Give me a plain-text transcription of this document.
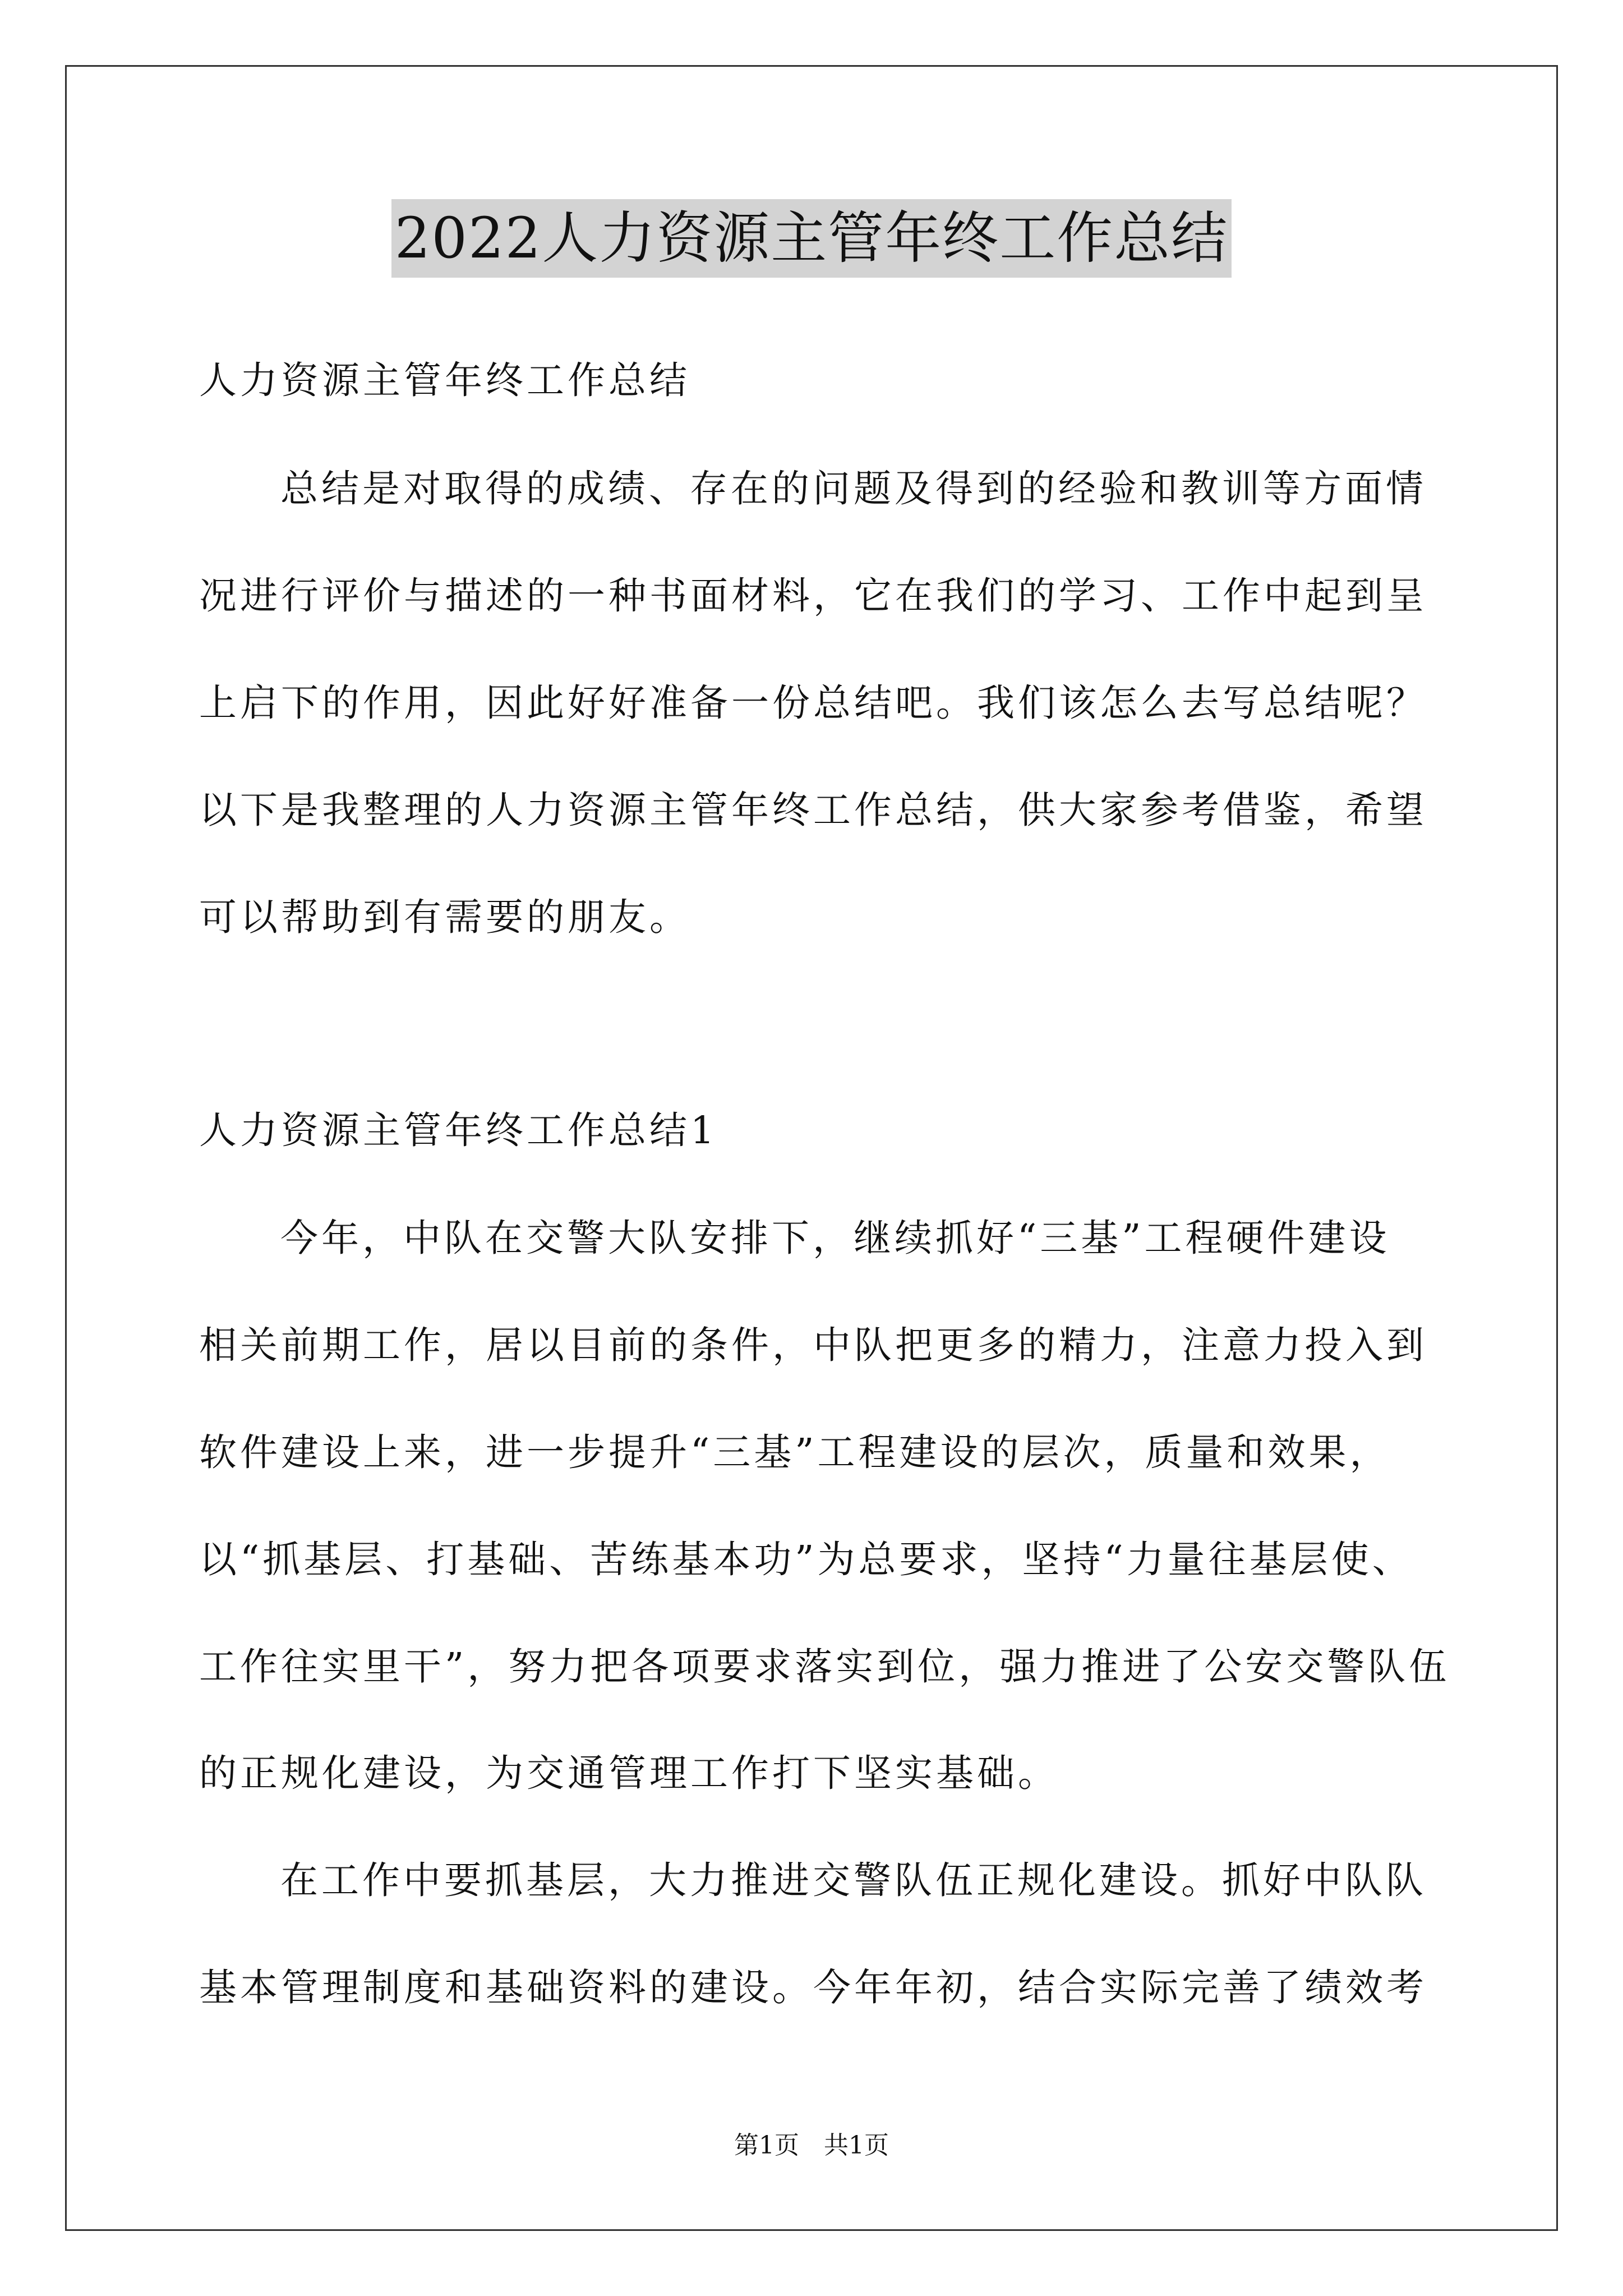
2022人力资源主管年终工作总结
人力资源主管年终工作总结
总结是对取得的成绩、存在的问题及得到的经验和教训等方面情
况进行评价与描述的一种书面材料，它在我们的学习、工作中起到呈
上启下的作用，因此好好准备一份总结吧。我们该怎么去写总结呢？
以下是我整理的人力资源主管年终工作总结，供大家参考借鉴，希望
可以帮助到有需要的朋友。
人力资源主管年终工作总结1
今年，中队在交警大队安排下，继续抓好“三基”工程硬件建设
相关前期工作，居以目前的条件，中队把更多的精力，注意力投入到
软件建设上来，进一步提升“三基”工程建设的层次，质量和效果，
以“抓基层、打基础、苦练基本功”为总要求，坚持“力量往基层使、
工作往实里干”，努力把各项要求落实到位，强力推进了公安交警队伍
的正规化建设，为交通管理工作打下坚实基础。
在工作中要抓基层，大力推进交警队伍正规化建设。抓好中队队
基本管理制度和基础资料的建设。今年年初，结合实际完善了绩效考
第1页　共1页
